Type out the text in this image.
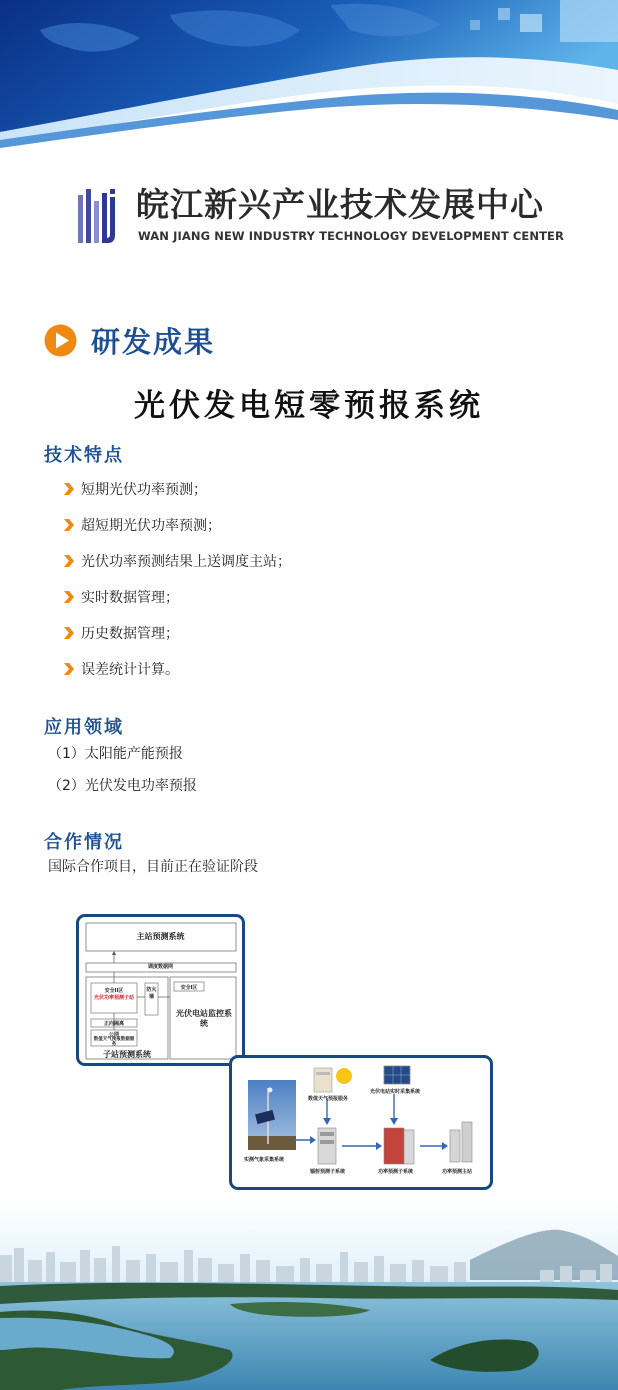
皖江新兴产业技术发展中心
WAN JIANG NEW INDUSTRY TECHNOLOGY DEVELOPMENT CENTER
研发成果
光伏发电短零预报系统
技术特点
短期光伏功率预测；
超短期光伏功率预测；
光伏功率预测结果上送调度主站；
实时数据管理；
历史数据管理；
误差统计计算。
应用领域
（1）太阳能产能预报
（2）光伏发电功率预报
合作情况
国际合作项目，目前正在验证阶段
主站预测系统
调度数据网
安全II区
光伏功率预测子站
防火墙
安全I区
光伏电站监控系统
正向隔离
公网
数值天气预报数据服务
子站预测系统
数值天气预报服务
光伏电站实时采集系统
实测气象采集系统
辐射预测子系统	功率预测子系统	功率预测主站
